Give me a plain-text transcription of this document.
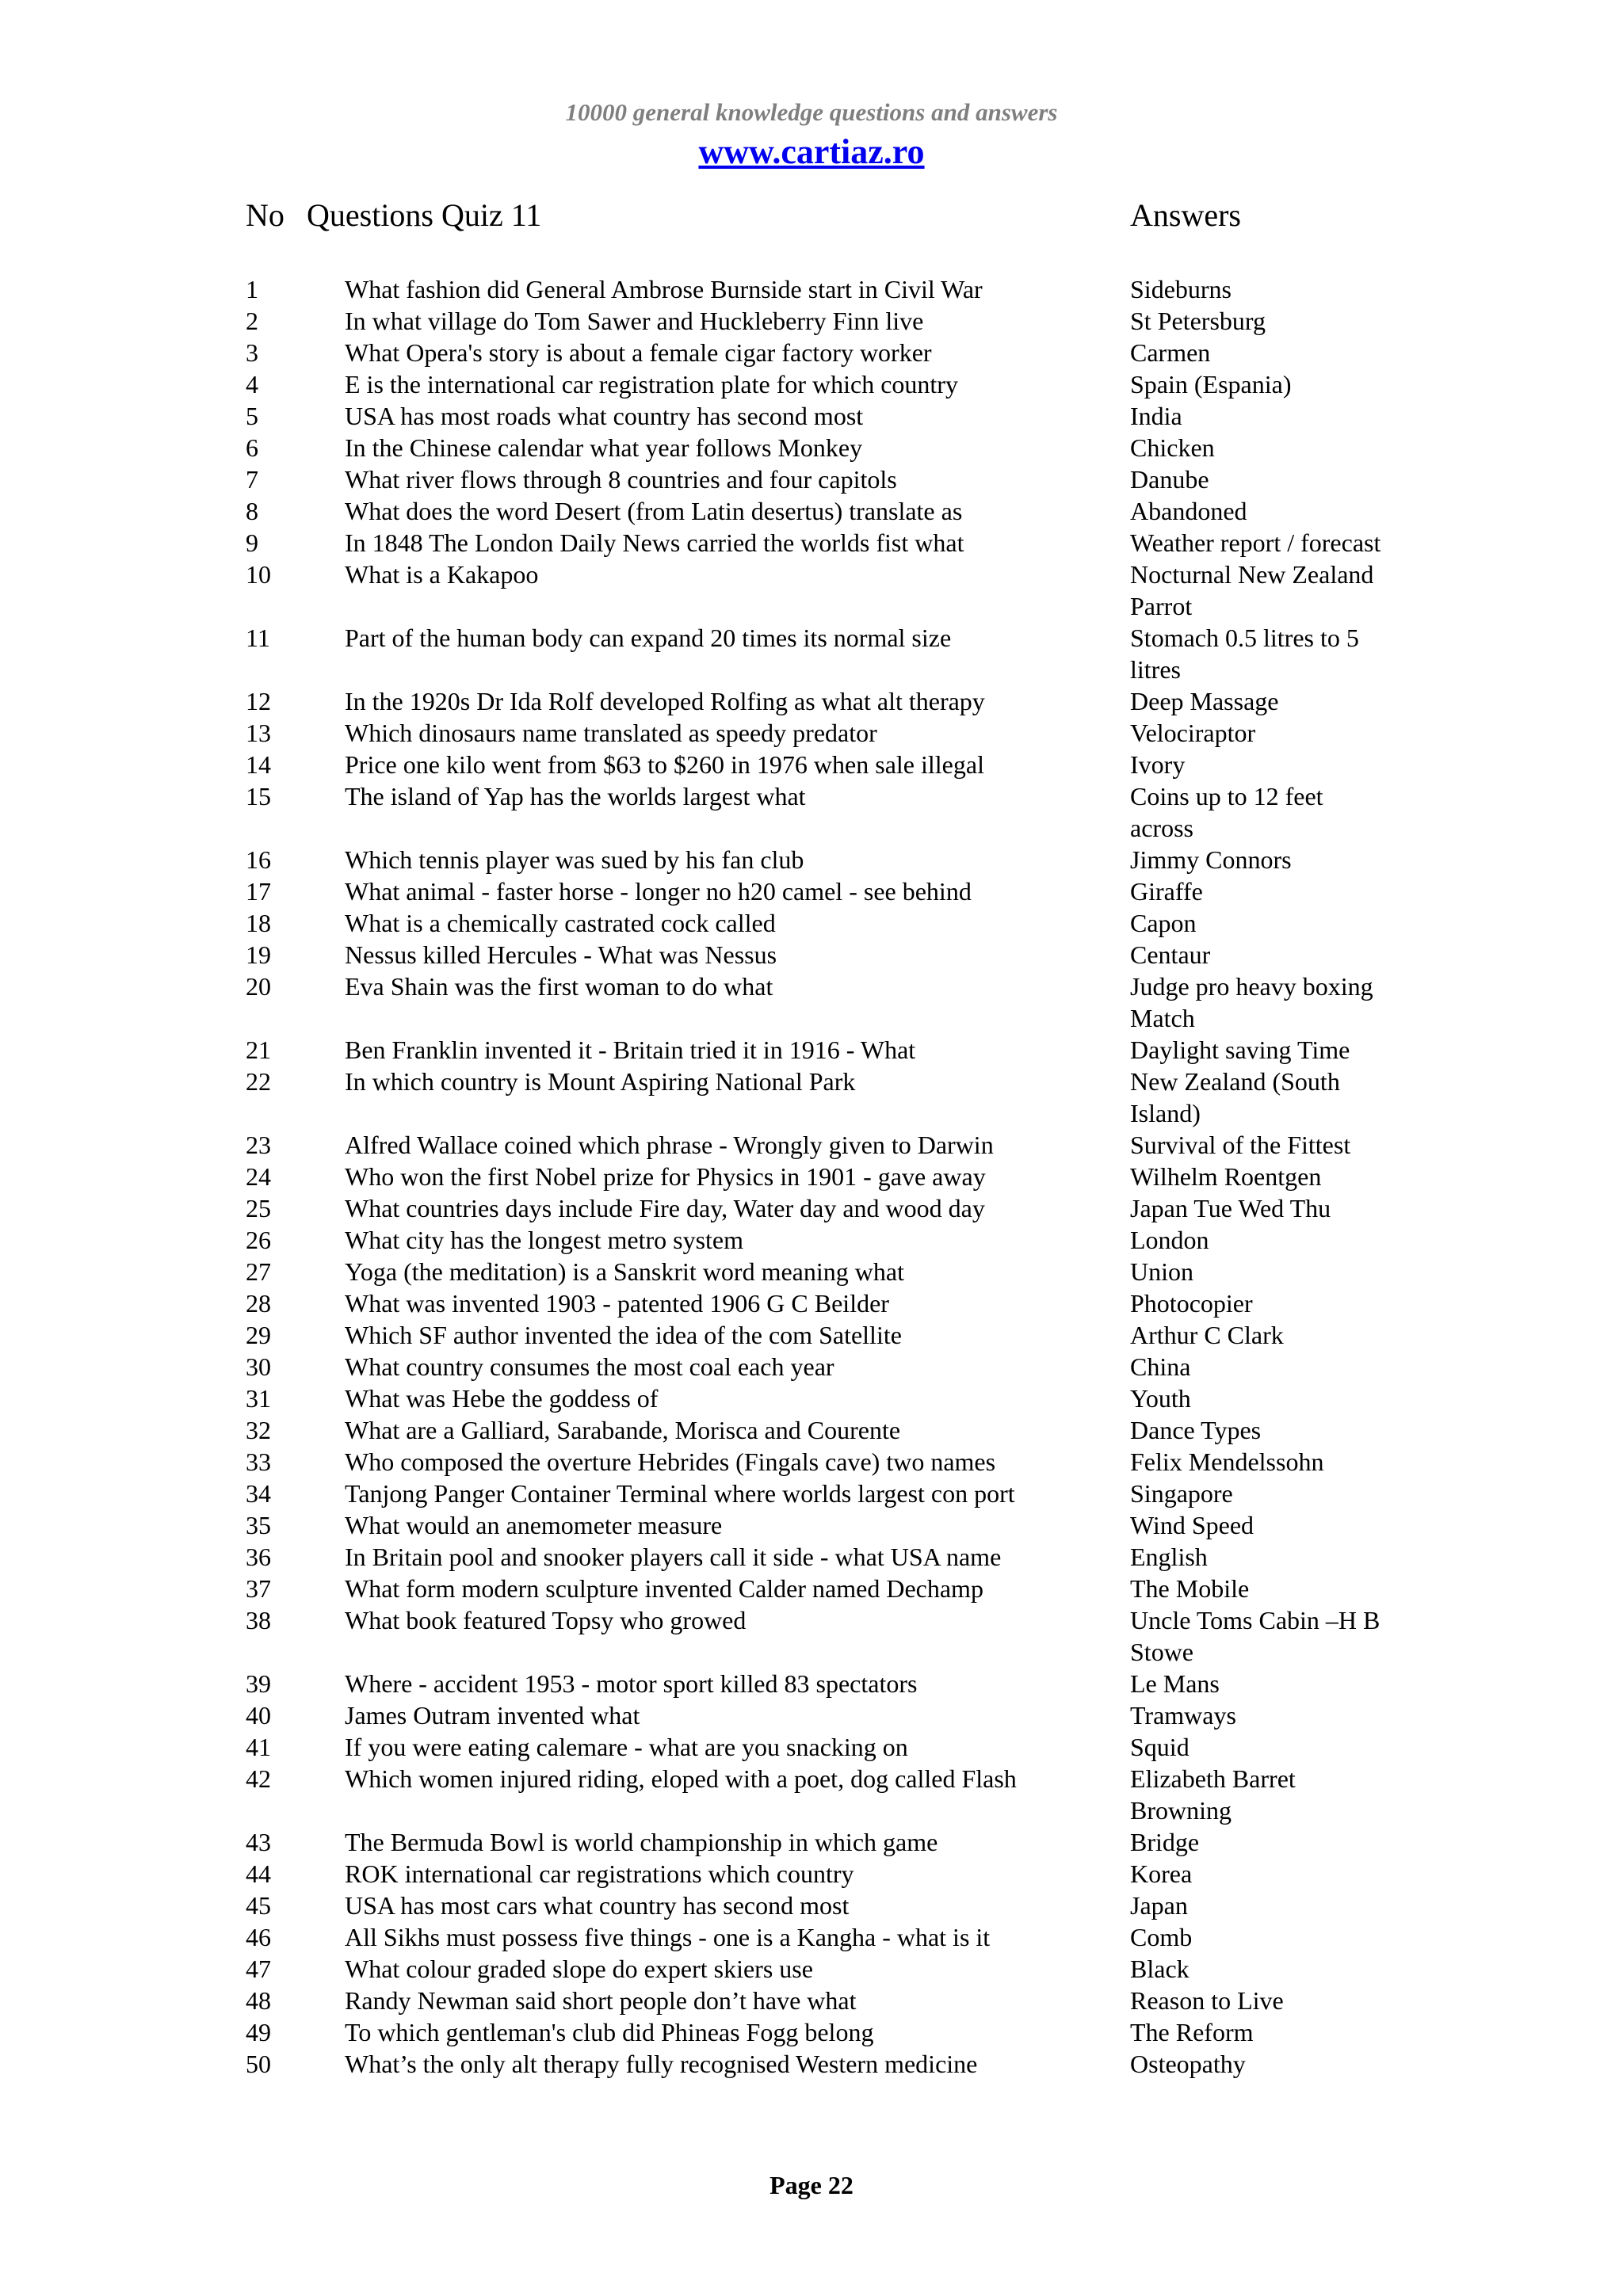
10000 general knowledge questions and answers
www.cartiaz.ro
No Questions Quiz 11	Answers
1	What fashion did General Ambrose Burnside start in Civil War	Sideburns
2	In what village do Tom Sawer and Huckleberry Finn live	St Petersburg
3	What Opera's story is about a female cigar factory worker	Carmen
4	E is the international car registration plate for which country	Spain (Espania)
5	USA has most roads what country has second most	India
6	In the Chinese calendar what year follows Monkey	Chicken
7	What river flows through 8 countries and four capitols	Danube
8	What does the word Desert (from Latin desertus) translate as	Abandoned
9	In 1848 The London Daily News carried the worlds fist what	Weather report / forecast
10	What is a Kakapoo	Nocturnal New Zealand Parrot
11	Part of the human body can expand 20 times its normal size	Stomach 0.5 litres to 5 litres
12	In the 1920s Dr Ida Rolf developed Rolfing as what alt therapy	Deep Massage
13	Which dinosaurs name translated as speedy predator	Velociraptor
14	Price one kilo went from $63 to $260 in 1976 when sale illegal	Ivory
15	The island of Yap has the worlds largest what	Coins up to 12 feet across
16	Which tennis player was sued by his fan club	Jimmy Connors
17	What animal - faster horse - longer no h20 camel - see behind	Giraffe
18	What is a chemically castrated cock called	Capon
19	Nessus killed Hercules - What was Nessus	Centaur
20	Eva Shain was the first woman to do what	Judge pro heavy boxing Match
21	Ben Franklin invented it - Britain tried it in 1916 - What	Daylight saving Time
22	In which country is Mount Aspiring National Park	New Zealand (South Island)
23	Alfred Wallace coined which phrase - Wrongly given to Darwin	Survival of the Fittest
24	Who won the first Nobel prize for Physics in 1901 - gave away	Wilhelm Roentgen
25	What countries days include Fire day, Water day and wood day	Japan Tue Wed Thu
26	What city has the longest metro system	London
27	Yoga (the meditation) is a Sanskrit word meaning what	Union
28	What was invented 1903 - patented 1906 G C Beilder	Photocopier
29	Which SF author invented the idea of the com Satellite	Arthur C Clark
30	What country consumes the most coal each year	China
31	What was Hebe the goddess of	Youth
32	What are a Galliard, Sarabande, Morisca and Courente	Dance Types
33	Who composed the overture Hebrides (Fingals cave) two names	Felix Mendelssohn
34	Tanjong Panger Container Terminal where worlds largest con port	Singapore
35	What would an anemometer measure	Wind Speed
36	In Britain pool and snooker players call it side - what USA name	English
37	What form modern sculpture invented Calder named Dechamp	The Mobile
38	What book featured Topsy who growed	Uncle Toms Cabin –H B Stowe
39	Where - accident 1953 - motor sport killed 83 spectators	Le Mans
40	James Outram invented what	Tramways
41	If you were eating calemare - what are you snacking on	Squid
42	Which women injured riding, eloped with a poet, dog called Flash	Elizabeth Barret Browning
43	The Bermuda Bowl is world championship in which game	Bridge
44	ROK international car registrations which country	Korea
45	USA has most cars what country has second most	Japan
46	All Sikhs must possess five things - one is a Kangha - what is it	Comb
47	What colour graded slope do expert skiers use	Black
48	Randy Newman said short people don’t have what	Reason to Live
49	To which gentleman's club did Phineas Fogg belong	The Reform
50	What’s the only alt therapy fully recognised Western medicine	Osteopathy
Page 22
